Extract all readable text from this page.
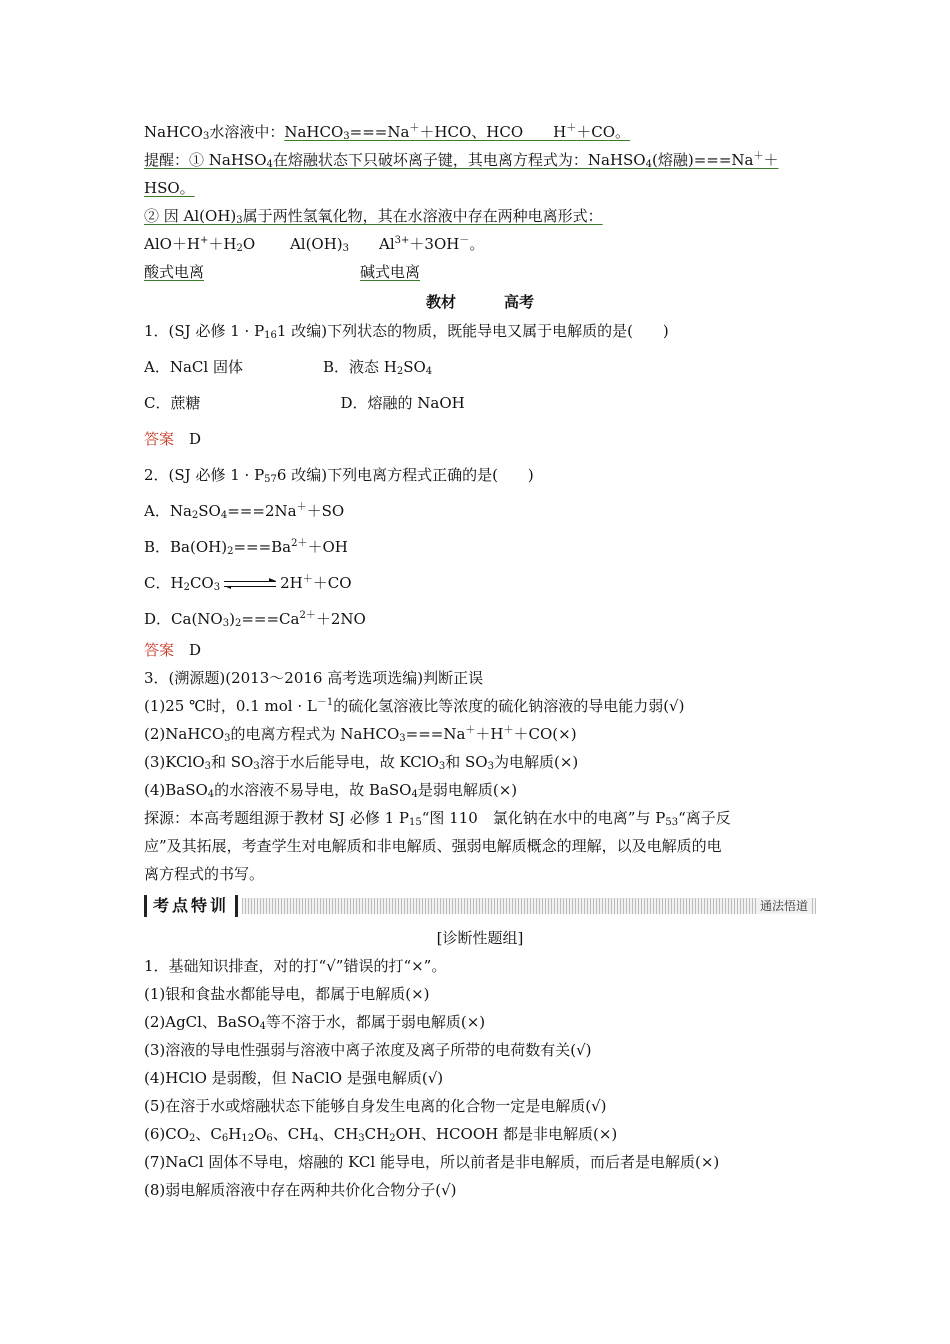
NaHCO$_3$水溶液中：NaHCO$_3$===Na＋＋HCO、HCO　　H＋＋CO。
提醒：① NaHSO$_4$在熔融状态下只破坏离子键，其电离方程式为：NaHSO$_4$(熔融)===Na＋＋
HSO。
② 因 $Al(OH)_3$属于两性氢氧化物，其在水溶液中存在两种电离形式：
$AlO+H^++H_2O$　　 $Al(OH)_3$　　$Al^{3+}+3OH^-$。
酸式电离	碱式电离
教材	高考
1．(SJ 必修 $1 \cdot P_{16}1$ 改编)下列状态的物质，既能导电又属于电解质的是(　　)
A．NaCl 固体	B．液态 $H_2SO_4$
C．蔗糖	D．熔融的 NaOH
答案　 D
2．(SJ 必修 $1 \cdot P_{57}6$ 改编)下列电离方程式正确的是(　　)
A．$Na_2SO_4===2Na^++SO$
B．$Ba(OH)_2===Ba^{2+}+OH$
C．$H_2CO_3$ ⇌ 2H＋＋CO
D．$Ca(NO_3)_2===Ca^{2+}+2NO$
答案　 D
3．(溯源题)(2013～2016 高考选项选编)判断正误
(1)25 ℃时，0.1 mol · $L^{-1}$的硫化氢溶液比等浓度的硫化钠溶液的导电能力弱(√)
(2)NaHCO$_3$的电离方程式为 NaHCO$_3$===Na＋＋H＋＋CO(×)
(3)KClO$_3$和 $SO_3$溶于水后能导电，故 KClO$_3$和 $SO_3$为电解质(×)
(4)BaSO$_4$的水溶液不易导电，故 BaSO$_4$是弱电解质(×)
探源：本高考题组源于教材 SJ 必修 1 $P_{15}“$图 110　氯化钠在水中的电离”与 $P_{53}“$离子反
应”及其拓展，考查学生对电解质和非电解质、强弱电解质概念的理解，以及电解质的电
离方程式的书写。
考点特训	通法悟道
[诊断性题组]
1．基础知识排查，对的打“√”错误的打“×”。
(1)银和食盐水都能导电，都属于电解质(×)
(2)AgCl、BaSO$_4$等不溶于水，都属于弱电解质(×)
(3)溶液的导电性强弱与溶液中离子浓度及离子所带的电荷数有关(√)
(4)HClO 是弱酸，但 NaClO 是强电解质(√)
(5)在溶于水或熔融状态下能够自身发生电离的化合物一定是电解质(√)
$(6)CO_2$、$C_6H_{12}O_6$、$CH_4$、$CH_3CH_2OH$、HCOOH 都是非电解质(×)
(7)NaCl 固体不导电，熔融的 KCl 能导电，所以前者是非电解质，而后者是电解质(×)
(8)弱电解质溶液中存在两种共价化合物分子(√)
